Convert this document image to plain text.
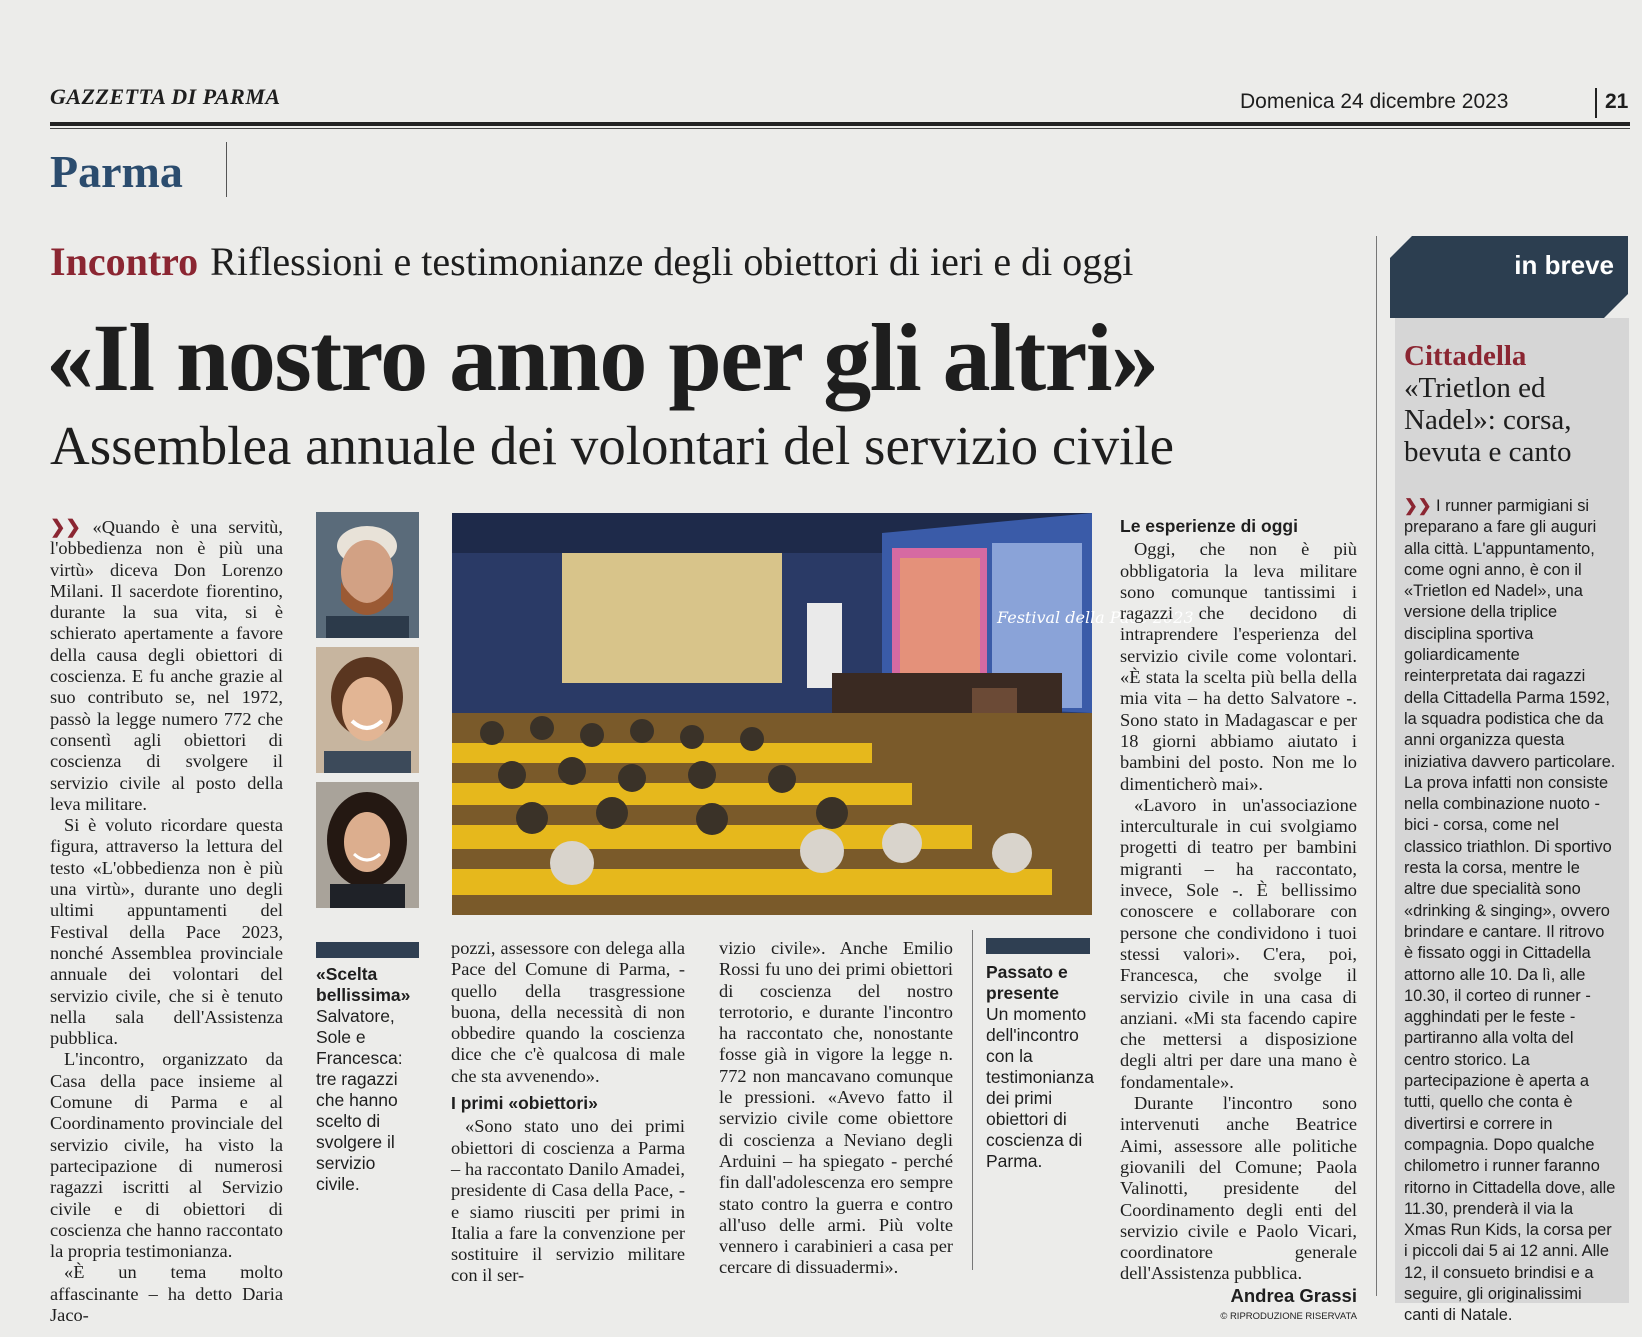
GAZZETTA DI PARMA	Domenica 24 dicembre 2023	21
Parma
Incontro Riflessioni e testimonianze degli obiettori di ieri e di oggi
«Il nostro anno per gli altri»
Assemblea annuale dei volontari del servizio civile

❯❯ «Quando è una servitù, l'obbedienza non è più una virtù» diceva Don Lorenzo Milani. Il sacerdote fiorentino, durante la sua vita, si è schierato apertamente a favore della causa degli obiettori di coscienza. E fu anche grazie al suo contributo se, nel 1972, passò la legge numero 772 che consentì agli obiettori di coscienza di svolgere il servizio civile al posto della leva militare.

Si è voluto ricordare questa figura, attraverso la lettura del testo «L'obbedienza non è più una virtù», durante uno degli ultimi appuntamenti del Festival della Pace 2023, nonché Assemblea provinciale annuale dei volontari del servizio civile, che si è tenuto nella sala dell'Assistenza pubblica.

L'incontro, organizzato da Casa della pace insieme al Comune di Parma e al Coordinamento provinciale del servizio civile, ha visto la partecipazione di numerosi ragazzi iscritti al Servizio civile e di obiettori di coscienza che hanno raccontato la propria testimonianza.

«È un tema molto affascinante – ha detto Daria Jaco-

«Scelta bellissima»
Salvatore, Sole e Francesca: tre ragazzi che hanno scelto di svolgere il servizio civile.
Festival della Pace 2023

pozzi, assessore con delega alla Pace del Comune di Parma, - quello della trasgressione buona, della necessità di non obbedire quando la coscienza dice che c'è qualcosa di male che sta avvenendo».

I primi «obiettori»

«Sono stato uno dei primi obiettori di coscienza a Parma – ha raccontato Danilo Amadei, presidente di Casa della Pace, - e siamo riusciti per primi in Italia a fare la convenzione per sostituire il servizio militare con il ser-

vizio civile». Anche Emilio Rossi fu uno dei primi obiettori di coscienza del nostro terrotorio, e durante l'incontro ha raccontato che, nonostante fosse già in vigore la legge n. 772 non mancavano comunque le pressioni. «Avevo fatto il servizio civile come obiettore di coscienza a Neviano degli Arduini – ha spiegato - perché fin dall'adolescenza ero sempre stato contro la guerra e contro all'uso delle armi. Più volte vennero i carabinieri a casa per cercare di dissuadermi».

Passato e presente
Un momento dell'incontro con la testimonianza dei primi obiettori di coscienza di Parma.
Le esperienze di oggi

Oggi, che non è più obbligatoria la leva militare sono comunque tantissimi i ragazzi che decidono di intraprendere l'esperienza del servizio civile come volontari. «È stata la scelta più bella della mia vita – ha detto Salvatore -. Sono stato in Madagascar e per 18 giorni abbiamo aiutato i bambini del posto. Non me lo dimenticherò mai».

«Lavoro in un'associazione interculturale in cui svolgiamo progetti di teatro per bambini migranti – ha raccontato, invece, Sole -. È bellissimo conoscere e collaborare con persone che condividono i tuoi stessi valori». C'era, poi, Francesca, che svolge il servizio civile in una casa di anziani. «Mi sta facendo capire che mettersi a disposizione degli altri per dare una mano è fondamentale».

Durante l'incontro sono intervenuti anche Beatrice Aimi, assessore alle politiche giovanili del Comune; Paola Valinotti, presidente del Coordinamento degli enti del servizio civile e Paolo Vicari, coordinatore generale dell'Assistenza pubblica.

Andrea Grassi
© RIPRODUZIONE RISERVATA
in breve
Cittadella
«Trietlon ed Nadel»: corsa, bevuta e canto

❯❯ I runner parmigiani si preparano a fare gli auguri alla città. L'appuntamento, come ogni anno, è con il «Trietlon ed Nadel», una versione della triplice disciplina sportiva goliardicamente reinterpretata dai ragazzi della Cittadella Parma 1592, la squadra podistica che da anni organizza questa iniziativa davvero particolare. La prova infatti non consiste nella combinazione nuoto - bici - corsa, come nel classico triathlon. Di sportivo resta la corsa, mentre le altre due specialità sono «drinking & singing», ovvero brindare e cantare. Il ritrovo è fissato oggi in Cittadella attorno alle 10. Da lì, alle 10.30, il corteo di runner - agghindati per le feste - partiranno alla volta del centro storico. La partecipazione è aperta a tutti, quello che conta è divertirsi e correre in compagnia. Dopo qualche chilometro i runner faranno ritorno in Cittadella dove, alle 11.30, prenderà il via la Xmas Run Kids, la corsa per i piccoli dai 5 ai 12 anni. Alle 12, il consueto brindisi e a seguire, gli originalissimi canti di Natale.
